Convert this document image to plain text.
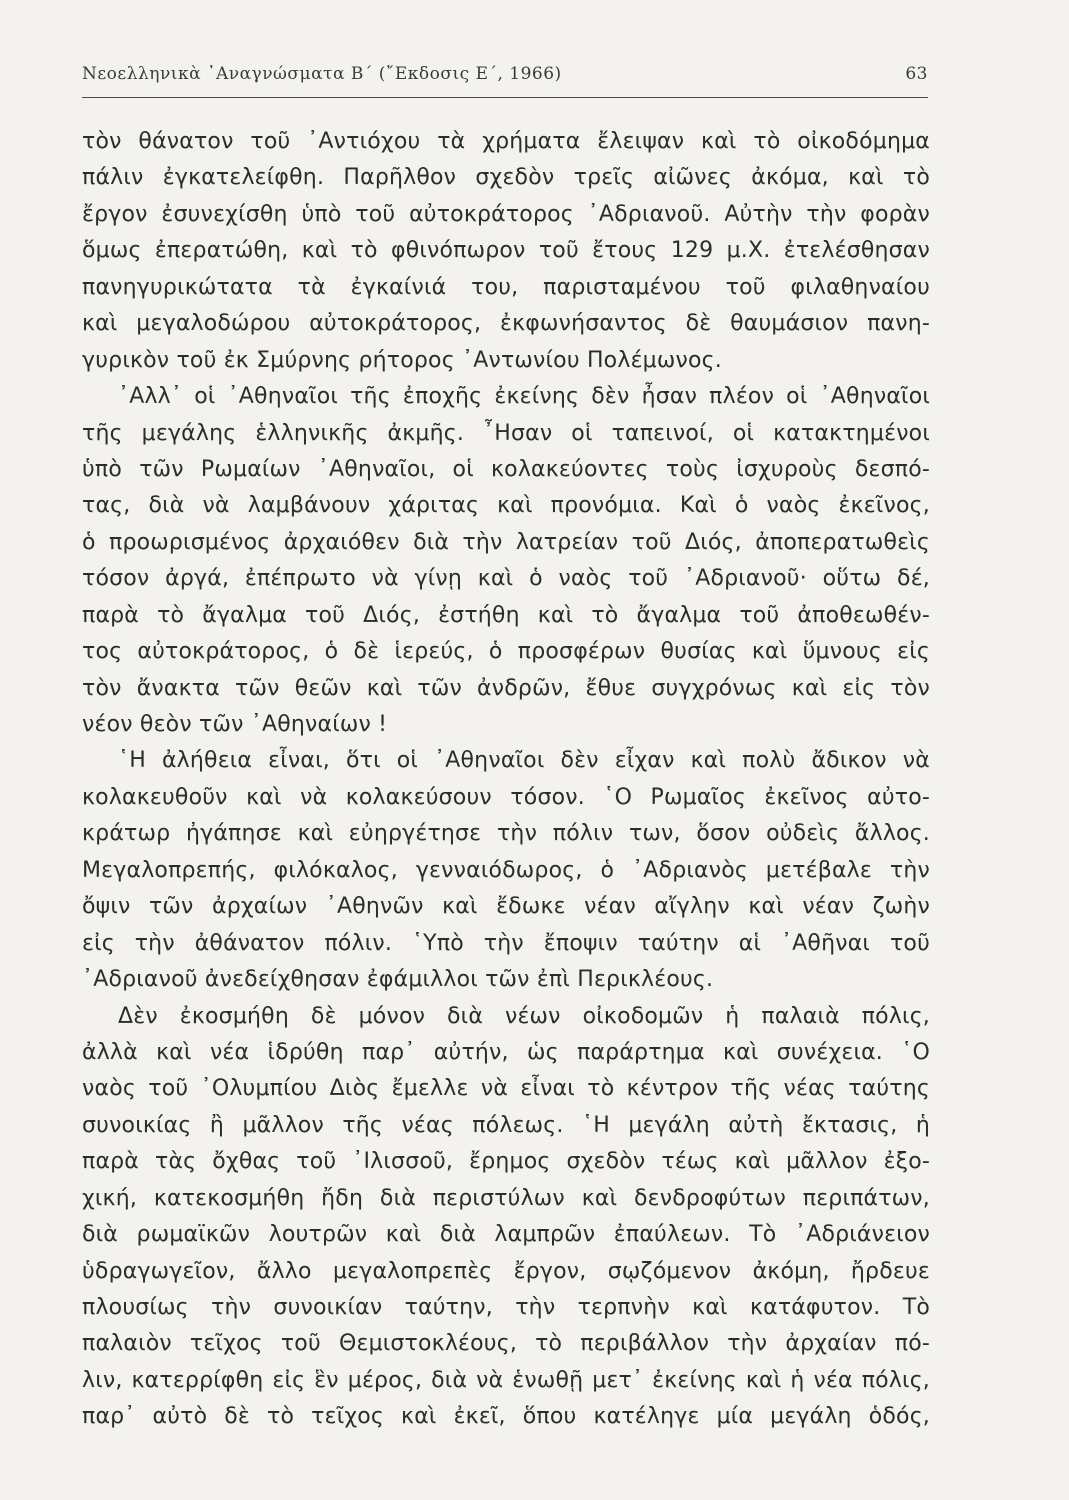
Νεοελληνικὰ ᾿Αναγνώσματα Β΄ (῎Εκδοσις Ε΄, 1966)	63
τὸν θάνατον τοῦ ᾿Αντιόχου τὰ χρήματα ἔλειψαν καὶ τὸ οἰκοδόμημα
πάλιν ἐγκατελείφθη. Παρῆλθον σχεδὸν τρεῖς αἰῶνες ἀκόμα, καὶ τὸ
ἔργον ἐσυνεχίσθη ὑπὸ τοῦ αὐτοκράτορος ᾿Αδριανοῦ. Αὐτὴν τὴν φορὰν
ὅμως ἐπερατώθη, καὶ τὸ φθινόπωρον τοῦ ἔτους 129 μ.Χ. ἐτελέσθησαν
πανηγυρικώτατα τὰ ἐγκαίνιά του, παρισταμένου τοῦ φιλαθηναίου
καὶ μεγαλοδώρου αὐτοκράτορος, ἐκφωνήσαντος δὲ θαυμάσιον πανη-
γυρικὸν τοῦ ἐκ Σμύρνης ρήτορος ᾿Αντωνίου Πολέμωνος.
᾿Αλλ᾿ οἱ ᾿Αθηναῖοι τῆς ἐποχῆς ἐκείνης δὲν ἦσαν πλέον οἱ ᾿Αθηναῖοι
τῆς μεγάλης ἑλληνικῆς ἀκμῆς. ῏Ησαν οἱ ταπεινοί, οἱ κατακτημένοι
ὑπὸ τῶν Ρωμαίων ᾿Αθηναῖοι, οἱ κολακεύοντες τοὺς ἰσχυροὺς δεσπό-
τας, διὰ νὰ λαμβάνουν χάριτας καὶ προνόμια. Καὶ ὁ ναὸς ἐκεῖνος,
ὁ προωρισμένος ἀρχαιόθεν διὰ τὴν λατρείαν τοῦ Διός, ἀποπερατωθεὶς
τόσον ἀργά, ἐπέπρωτο νὰ γίνῃ καὶ ὁ ναὸς τοῦ ᾿Αδριανοῦ· οὕτω δέ,
παρὰ τὸ ἄγαλμα τοῦ Διός, ἐστήθη καὶ τὸ ἄγαλμα τοῦ ἀποθεωθέν-
τος αὐτοκράτορος, ὁ δὲ ἱερεύς, ὁ προσφέρων θυσίας καὶ ὕμνους εἰς
τὸν ἄνακτα τῶν θεῶν καὶ τῶν ἀνδρῶν, ἔθυε συγχρόνως καὶ εἰς τὸν
νέον θεὸν τῶν ᾿Αθηναίων !
῾Η ἀλήθεια εἶναι, ὅτι οἱ ᾿Αθηναῖοι δὲν εἶχαν καὶ πολὺ ἄδικον νὰ
κολακευθοῦν καὶ νὰ κολακεύσουν τόσον. ῾Ο Ρωμαῖος ἐκεῖνος αὐτο-
κράτωρ ἠγάπησε καὶ εὐηργέτησε τὴν πόλιν των, ὅσον οὐδεὶς ἄλλος.
Μεγαλοπρεπής, φιλόκαλος, γενναιόδωρος, ὁ ᾿Αδριανὸς μετέβαλε τὴν
ὄψιν τῶν ἀρχαίων ᾿Αθηνῶν καὶ ἔδωκε νέαν αἴγλην καὶ νέαν ζωὴν
εἰς τὴν ἀθάνατον πόλιν. ῾Υπὸ τὴν ἔποψιν ταύτην αἱ ᾿Αθῆναι τοῦ
᾿Αδριανοῦ ἀνεδείχθησαν ἐφάμιλλοι τῶν ἐπὶ Περικλέους.
Δὲν ἐκοσμήθη δὲ μόνον διὰ νέων οἰκοδομῶν ἡ παλαιὰ πόλις,
ἀλλὰ καὶ νέα ἱδρύθη παρ᾿ αὐτήν, ὡς παράρτημα καὶ συνέχεια. ῾Ο
ναὸς τοῦ ᾿Ολυμπίου Διὸς ἔμελλε νὰ εἶναι τὸ κέντρον τῆς νέας ταύτης
συνοικίας ἢ μᾶλλον τῆς νέας πόλεως. ῾Η μεγάλη αὐτὴ ἔκτασις, ἡ
παρὰ τὰς ὄχθας τοῦ ᾿Ιλισσοῦ, ἔρημος σχεδὸν τέως καὶ μᾶλλον ἐξο-
χική, κατεκοσμήθη ἤδη διὰ περιστύλων καὶ δενδροφύτων περιπάτων,
διὰ ρωμαϊκῶν λουτρῶν καὶ διὰ λαμπρῶν ἐπαύλεων. Τὸ ᾿Αδριάνειον
ὑδραγωγεῖον, ἄλλο μεγαλοπρεπὲς ἔργον, σῳζόμενον ἀκόμη, ἤρδευε
πλουσίως τὴν συνοικίαν ταύτην, τὴν τερπνὴν καὶ κατάφυτον. Τὸ
παλαιὸν τεῖχος τοῦ Θεμιστοκλέους, τὸ περιβάλλον τὴν ἀρχαίαν πό-
λιν, κατερρίφθη εἰς ἓν μέρος, διὰ νὰ ἑνωθῇ μετ᾿ ἐκείνης καὶ ἡ νέα πόλις,
παρ᾿ αὐτὸ δὲ τὸ τεῖχος καὶ ἐκεῖ, ὅπου κατέληγε μία μεγάλη ὁδός,
